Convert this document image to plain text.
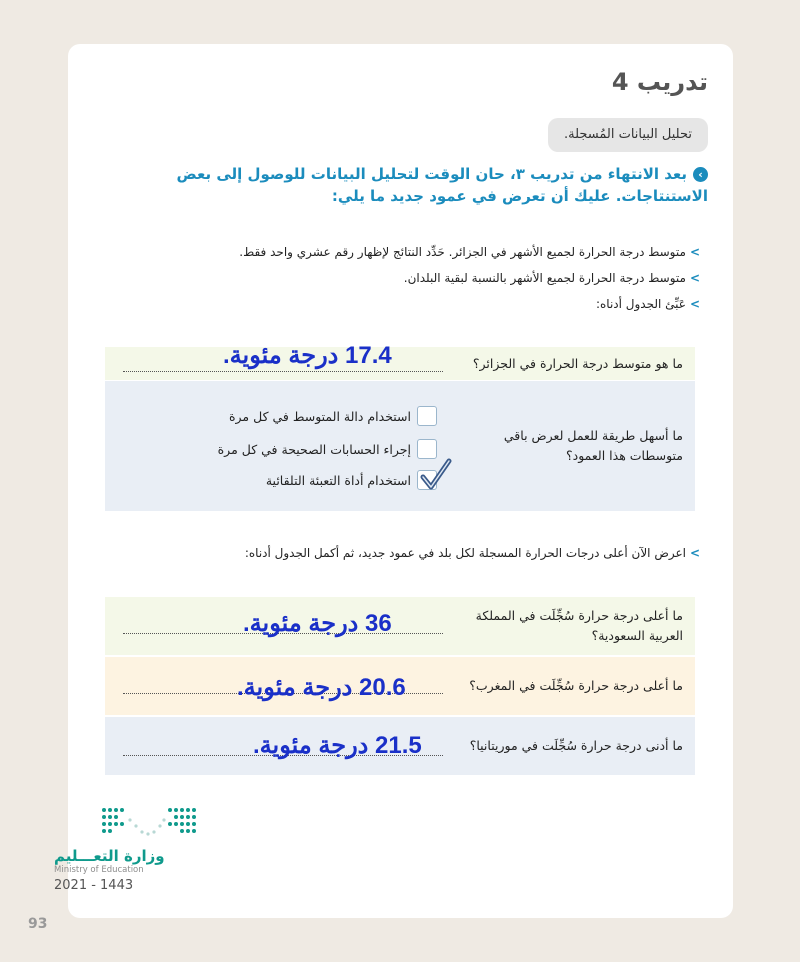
تدريب 4
تحليل البيانات المُسجلة.
›بعد الانتهاء من تدريب ٣، حان الوقت لتحليل البيانات للوصول إلى بعض الاستنتاجات. عليك أن تعرض في عمود جديد ما يلي:
>متوسط درجة الحرارة لجميع الأشهر في الجزائر. حَدِّد النتائج لإظهار رقم عشري واحد فقط.
>متوسط درجة الحرارة لجميع الأشهر بالنسبة لبقية البلدان.
>عَبِّئ الجدول أدناه:
ما هو متوسط درجة الحرارة في الجزائر؟
17.4 درجة مئوية.
ما أسهل طريقة للعمل لعرض باقي متوسطات هذا العمود؟
استخدام دالة المتوسط في كل مرة
إجراء الحسابات الصحيحة في كل مرة
استخدام أداة التعبئة التلقائية
>اعرض الآن أعلى درجات الحرارة المسجلة لكل بلد في عمود جديد، ثم أكمل الجدول أدناه:
ما أعلى درجة حرارة سُجِّلَت في المملكة العربية السعودية؟
36 درجة مئوية.
ما أعلى درجة حرارة سُجِّلَت في المغرب؟
20.6 درجة مئوية.
ما أدنى درجة حرارة سُجِّلَت في موريتانيا؟
21.5 درجة مئوية.
وزارة التعـــليم
Ministry of Education
2021 - 1443
93
